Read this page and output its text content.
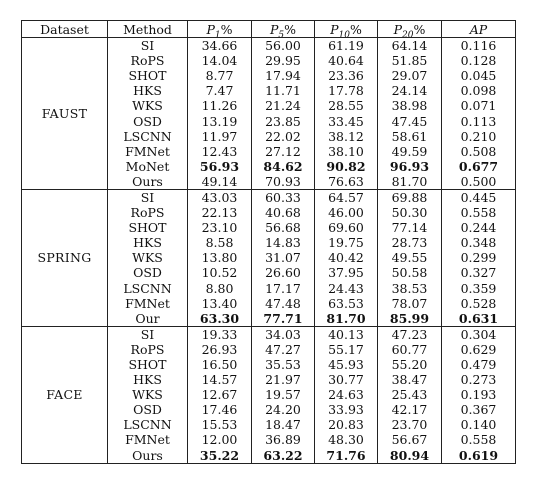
Dataset	Method	$P_1\%$	$P_5\%$	$P_{10}\%$	$P_{20}\%$	AP
FAUST	SI	34.66	56.00	61.19	64.14	0.116
	RoPS	14.04	29.95	40.64	51.85	0.128
	SHOT	8.77	17.94	23.36	29.07	0.045
	HKS	7.47	11.71	17.78	24.14	0.098
	WKS	11.26	21.24	28.55	38.98	0.071
	OSD	13.19	23.85	33.45	47.45	0.113
	LSCNN	11.97	22.02	38.12	58.61	0.210
	FMNet	12.43	27.12	38.10	49.59	0.508
	MoNet	56.93	84.62	90.82	96.93	0.677
	Ours	49.14	70.93	76.63	81.70	0.500
SPRING	SI	43.03	60.33	64.57	69.88	0.445
	RoPS	22.13	40.68	46.00	50.30	0.558
	SHOT	23.10	56.68	69.60	77.14	0.244
	HKS	8.58	14.83	19.75	28.73	0.348
	WKS	13.80	31.07	40.42	49.55	0.299
	OSD	10.52	26.60	37.95	50.58	0.327
	LSCNN	8.80	17.17	24.43	38.53	0.359
	FMNet	13.40	47.48	63.53	78.07	0.528
	Our	63.30	77.71	81.70	85.99	0.631
FACE	SI	19.33	34.03	40.13	47.23	0.304
	RoPS	26.93	47.27	55.17	60.77	0.629
	SHOT	16.50	35.53	45.93	55.20	0.479
	HKS	14.57	21.97	30.77	38.47	0.273
	WKS	12.67	19.57	24.63	25.43	0.193
	OSD	17.46	24.20	33.93	42.17	0.367
	LSCNN	15.53	18.47	20.83	23.70	0.140
	FMNet	12.00	36.89	48.30	56.67	0.558
	Ours	35.22	63.22	71.76	80.94	0.619
